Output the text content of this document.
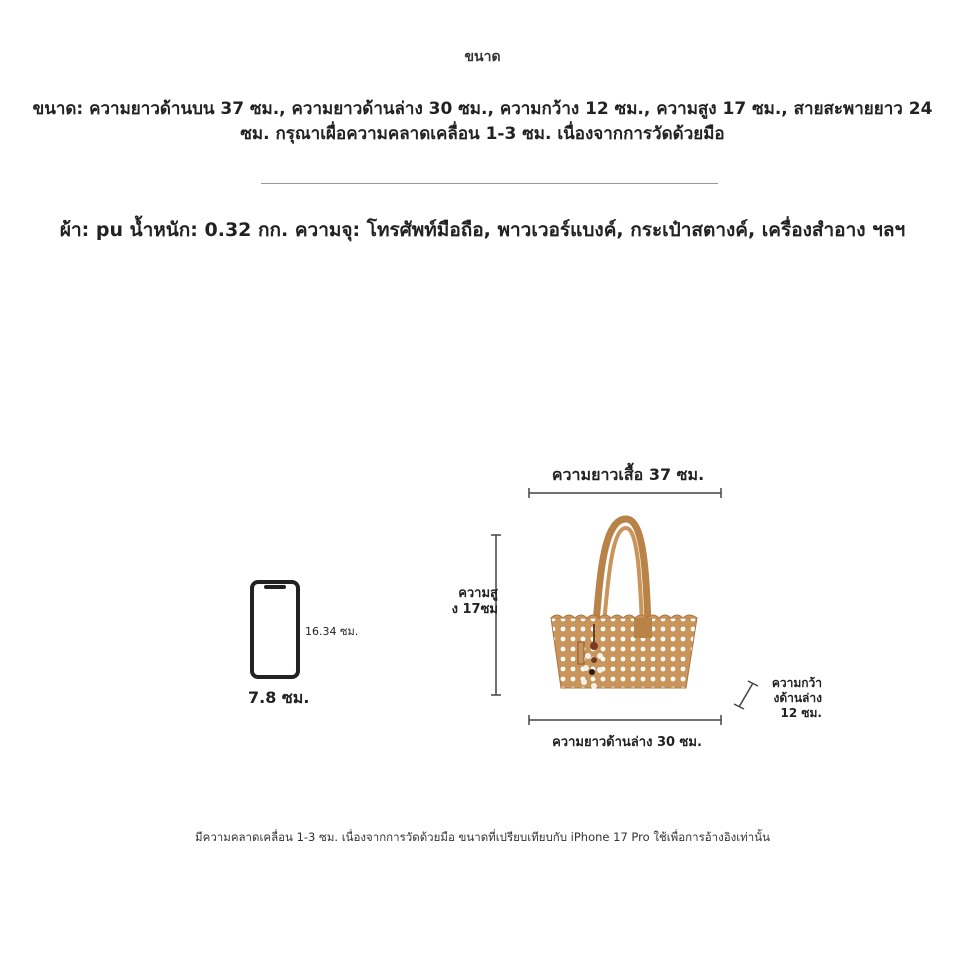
ขนาด
ขนาด: ความยาวด้านบน 37 ซม., ความยาวด้านล่าง 30 ซม., ความกว้าง 12 ซม., ความสูง 17 ซม., สายสะพายยาว 24 ซม. กรุณาเผื่อความคลาดเคลื่อน 1-3 ซม. เนื่องจากการวัดด้วยมือ
ผ้า: pu น้ำหนัก: 0.32 กก. ความจุ: โทรศัพท์มือถือ, พาวเวอร์แบงค์, กระเป๋าสตางค์, เครื่องสำอาง ฯลฯ
16.34 ซม.
7.8 ซม.
ความยาวเสื้อ 37 ซม.
ความสู
ง 17ซม
ความยาวด้านล่าง 30 ซม.
ความกว้า
งด้านล่าง
12 ซม.
มีความคลาดเคลื่อน 1-3 ซม. เนื่องจากการวัดด้วยมือ ขนาดที่เปรียบเทียบกับ iPhone 17 Pro ใช้เพื่อการอ้างอิงเท่านั้น
